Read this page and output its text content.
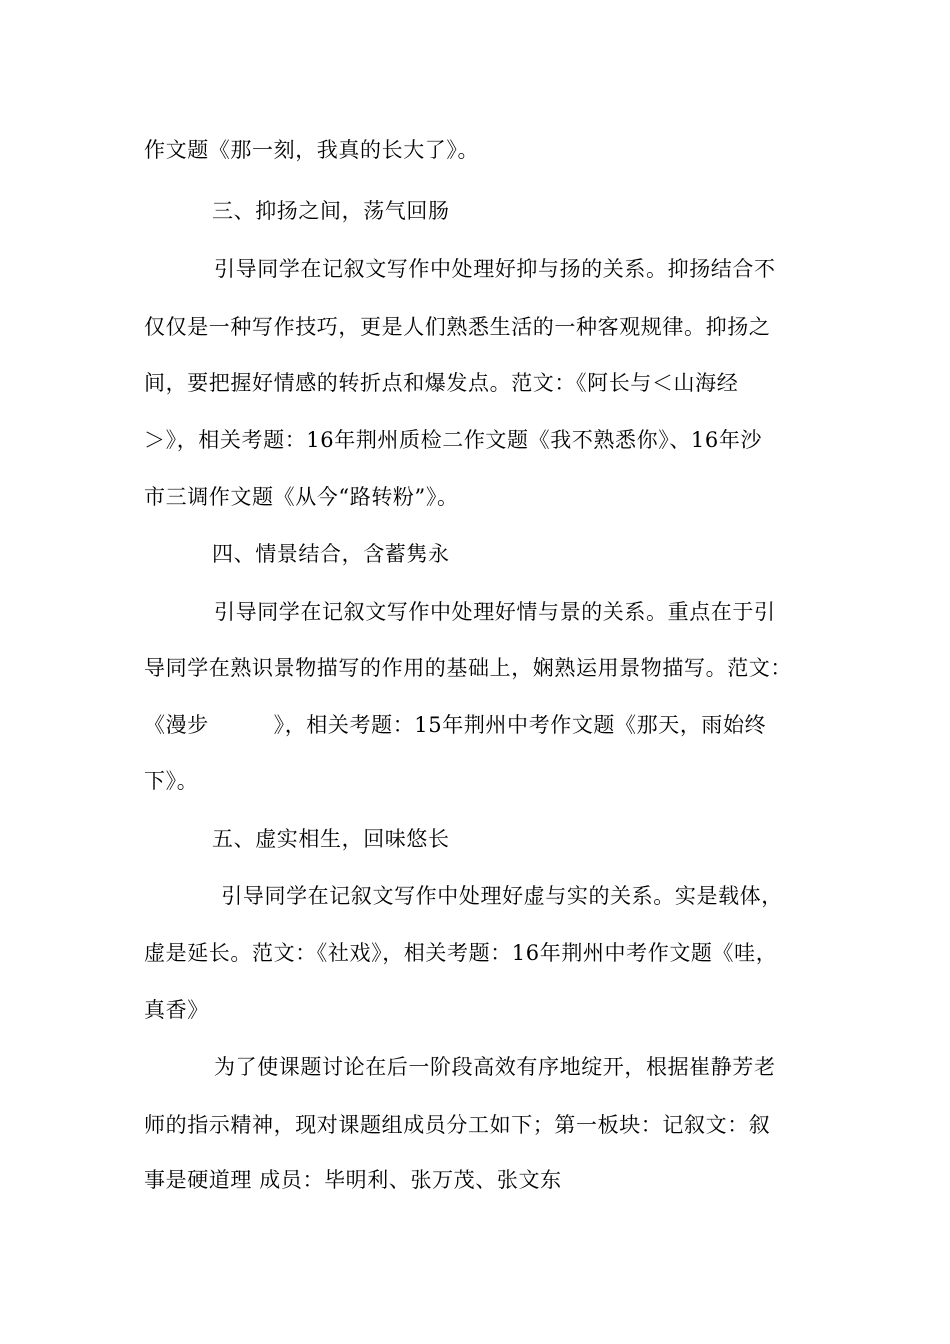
作文题《那一刻，我真的长大了》。
三、抑扬之间，荡气回肠
引导同学在记叙文写作中处理好抑与扬的关系。抑扬结合不
仅仅是一种写作技巧，更是人们熟悉生活的一种客观规律。抑扬之
间，要把握好情感的转折点和爆发点。范文：《阿长与＜山海经
＞》，相关考题：16年荆州质检二作文题《我不熟悉你》、16年沙
市三调作文题《从今“路转粉”》。
四、情景结合，含蓄隽永
引导同学在记叙文写作中处理好情与景的关系。重点在于引
导同学在熟识景物描写的作用的基础上，娴熟运用景物描写。范文：
《漫步　　　》，相关考题：15年荆州中考作文题《那天，雨始终
下》。
五、虚实相生，回味悠长
引导同学在记叙文写作中处理好虚与实的关系。实是载体，
虚是延长。范文：《社戏》，相关考题：16年荆州中考作文题《哇，
真香》
为了使课题讨论在后一阶段高效有序地绽开，根据崔静芳老
师的指示精神，现对课题组成员分工如下；第一板块：记叙文：叙
事是硬道理 成员：毕明利、张万茂、张文东
